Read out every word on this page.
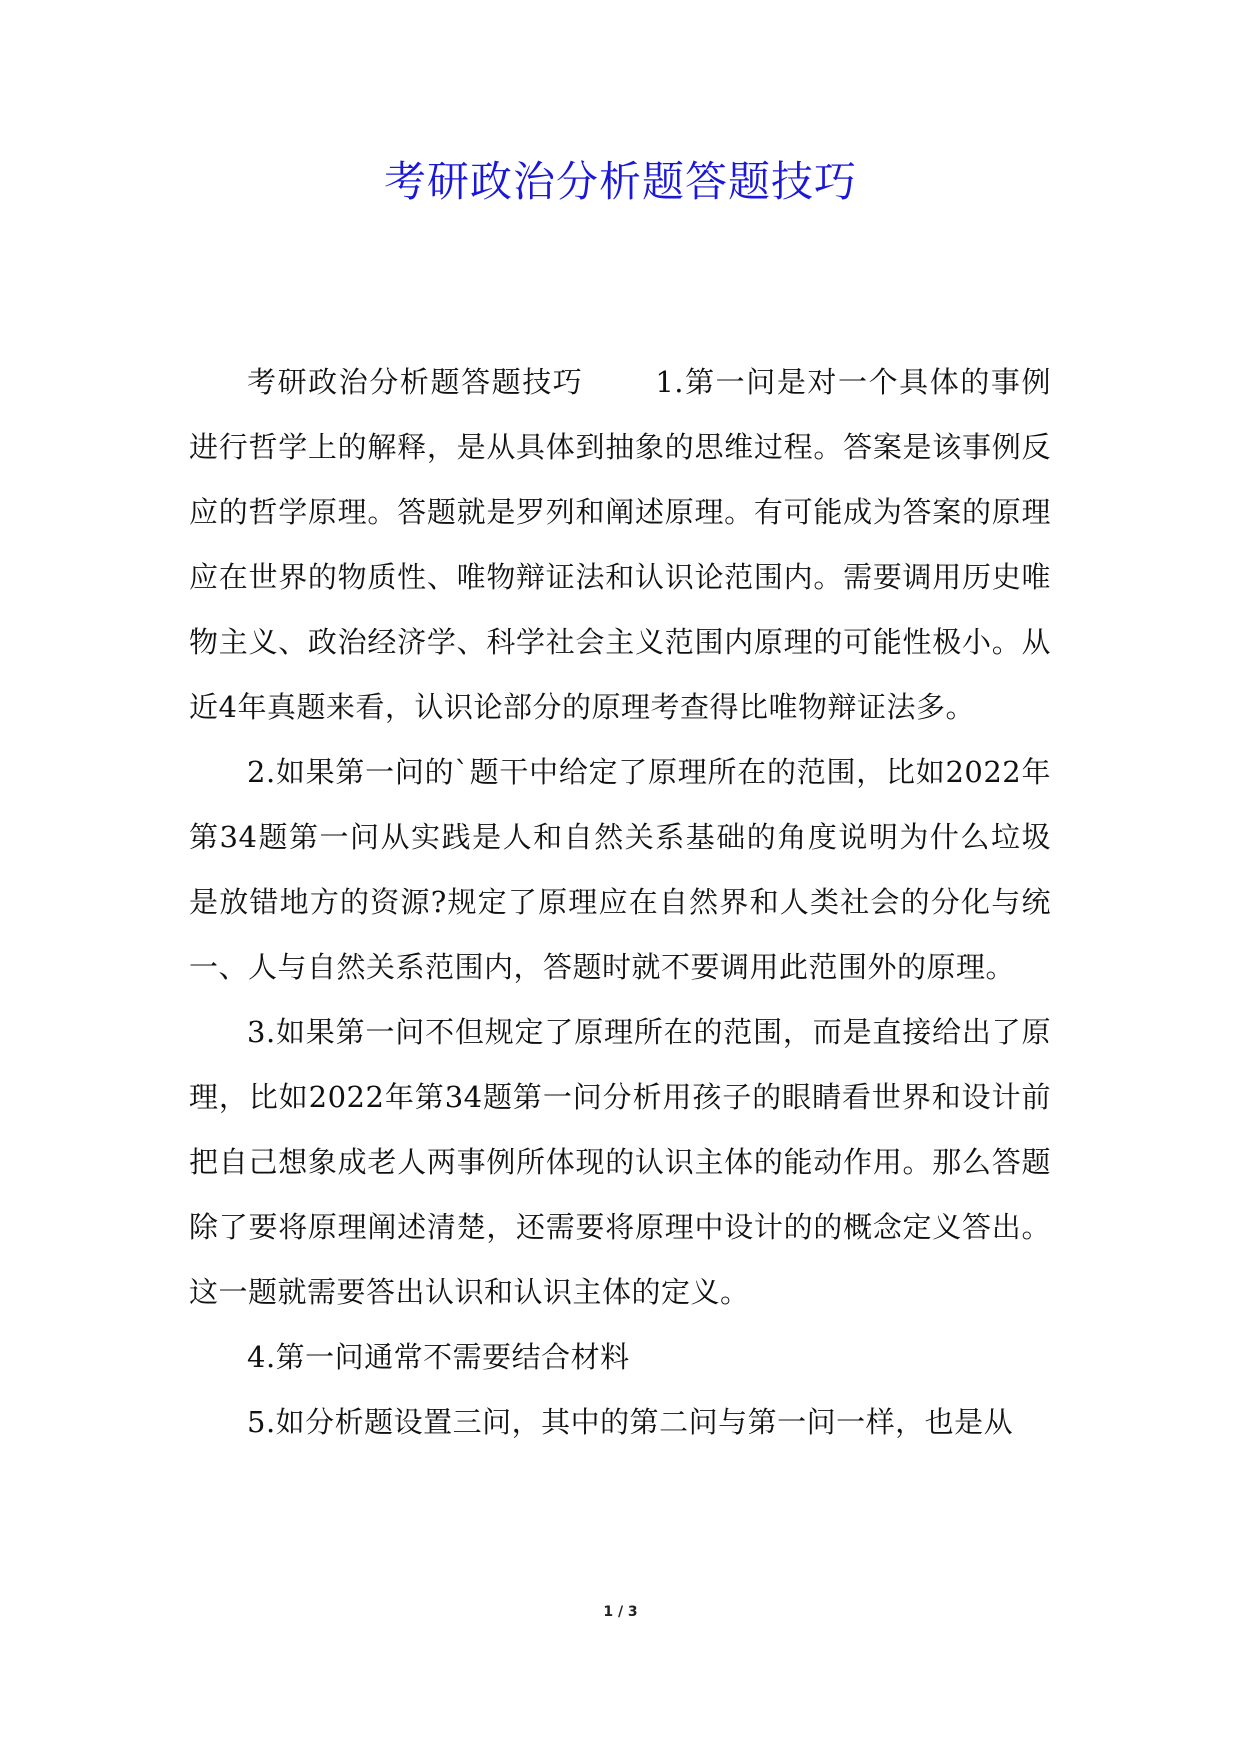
考研政治分析题答题技巧

考研政治分析题答题技巧　　 1.第一问是对一个具体的事例进行哲学上的解释，是从具体到抽象的思维过程。答案是该事例反应的哲学原理。答题就是罗列和阐述原理。有可能成为答案的原理应在世界的物质性、唯物辩证法和认识论范围内。需要调用历史唯物主义、政治经济学、科学社会主义范围内原理的可能性极小。从近4年真题来看，认识论部分的原理考查得比唯物辩证法多。

2.如果第一问的`题干中给定了原理所在的范围，比如2022年第34题第一问从实践是人和自然关系基础的角度说明为什么垃圾是放错地方的资源?规定了原理应在自然界和人类社会的分化与统一、人与自然关系范围内，答题时就不要调用此范围外的原理。

3.如果第一问不但规定了原理所在的范围，而是直接给出了原理，比如2022年第34题第一问分析用孩子的眼睛看世界和设计前把自己想象成老人两事例所体现的认识主体的能动作用。那么答题除了要将原理阐述清楚，还需要将原理中设计的的概念定义答出。这一题就需要答出认识和认识主体的定义。

4.第一问通常不需要结合材料

5.如分析题设置三问，其中的第二问与第一问一样，也是从

1 / 3
